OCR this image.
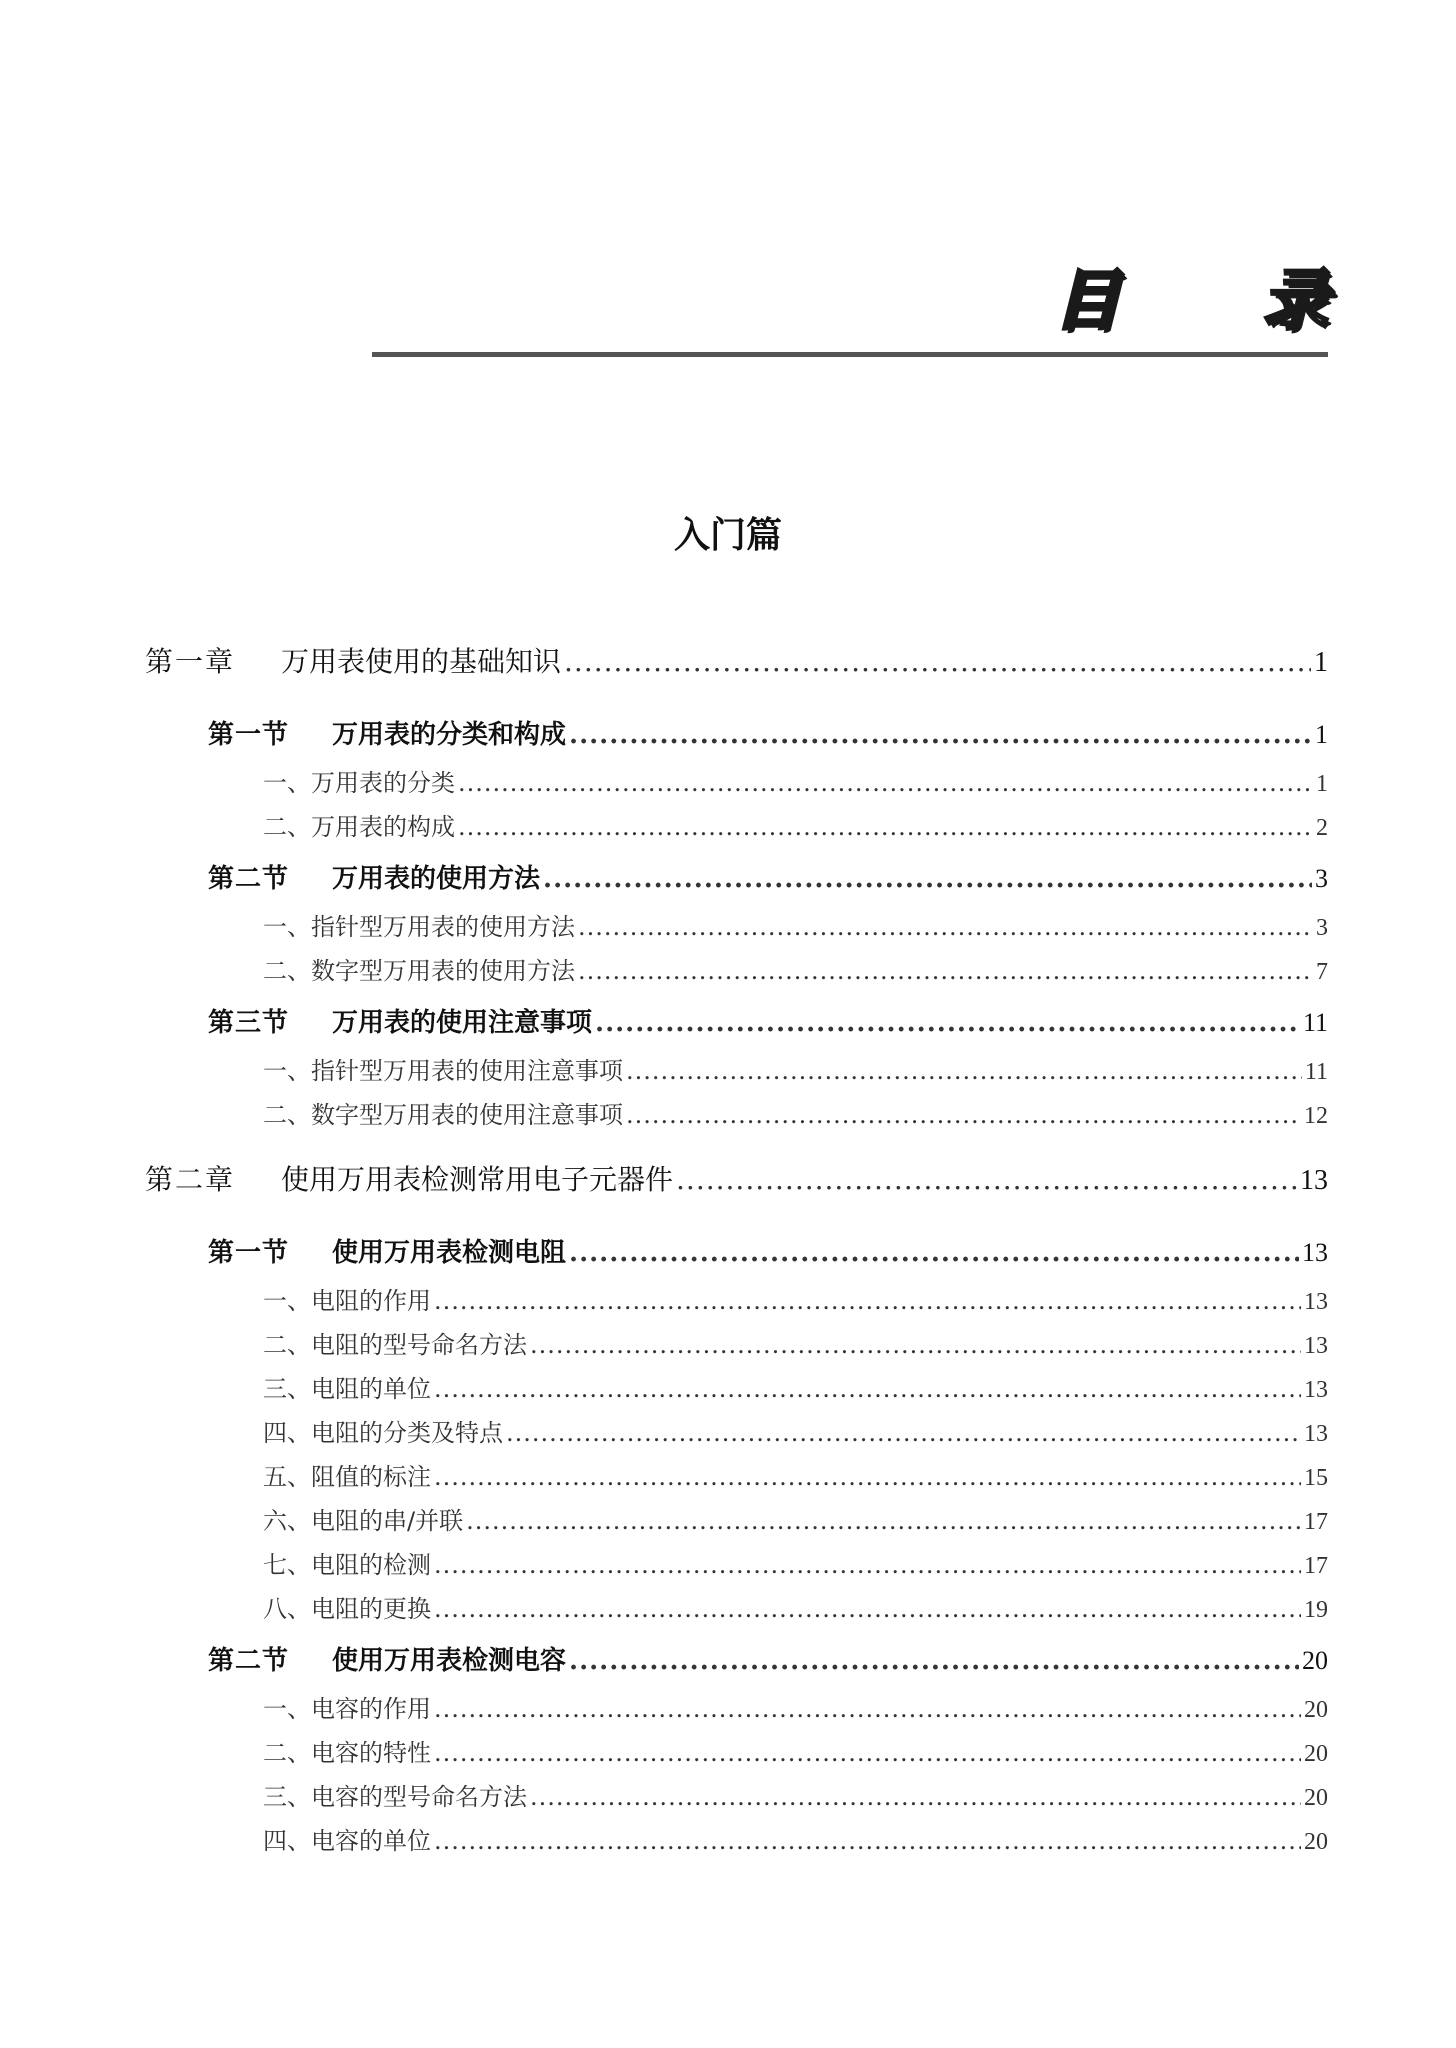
目 录
入门篇
第一章	万用表使用的基础知识 .....	1
第一节	万用表的分类和构成 .....	1
一、万用表的分类 .....	1
二、万用表的构成 .....	2
第二节	万用表的使用方法 .....	3
一、指针型万用表的使用方法 .....	3
二、数字型万用表的使用方法 .....	7
第三节	万用表的使用注意事项 .....	11
一、指针型万用表的使用注意事项 .....	11
二、数字型万用表的使用注意事项 .....	12
第二章	使用万用表检测常用电子元器件 .....	13
第一节	使用万用表检测电阻 .....	13
一、电阻的作用 .....	13
二、电阻的型号命名方法 .....	13
三、电阻的单位 .....	13
四、电阻的分类及特点 .....	13
五、阻值的标注 .....	15
六、电阻的串/并联 .....	17
七、电阻的检测 .....	17
八、电阻的更换 .....	19
第二节	使用万用表检测电容 .....	20
一、电容的作用 .....	20
二、电容的特性 .....	20
三、电容的型号命名方法 .....	20
四、电容的单位 .....	20
